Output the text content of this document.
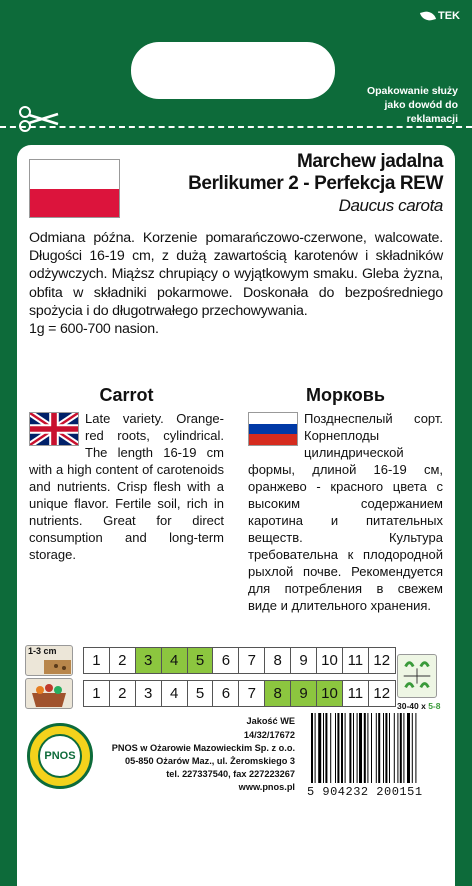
TEK
Opakowanie służy jako dowód do reklamacji
Marchew jadalna
Berlikumer 2 - Perfekcja REW
Daucus carota

Odmiana późna. Korzenie pomarańczowo-czerwone, walcowate. Długości 16-19 cm, z dużą zawartością karotenów i składników odżywczych. Miąższ chrupiący o wyjątkowym smaku. Gleba żyzna, obfita w składniki pokarmowe. Doskonała do bezpośredniego spożycia i do długotrwałego przechowywania.

1g = 600-700 nasion.

Carrot
Late variety. Orange-red roots, cylindrical. The length 16-19 cm with a high content of carotenoids and nutrients. Crisp flesh with a unique flavor. Fertile soil, rich in nutrients. Great for direct consumption and long-term storage.
Морковь
Позднеспелый сорт. Корнеплоды цилиндрической формы, длиной 16-19 см, оранжево - красного цвета с высоким содержанием каротина и питательных веществ. Культура требовательна к плодородной рыхлой почве. Рекомендуется для потребления в свежем виде и длительного хранения.
1-3 cm
1	2	3	4	5	6	7	8	9 10 11 12
1	2	3	4	5	6	7	8	9 10 11 12
30-40 x 5-8
PNOS
Jakość WE
14/32/17672
PNOS w Ożarowie Mazowieckim Sp. z o.o.
05-850 Ożarów Maz., ul. Żeromskiego 3
tel. 227337540, fax 227223267
www.pnos.pl 5 904232 200151
